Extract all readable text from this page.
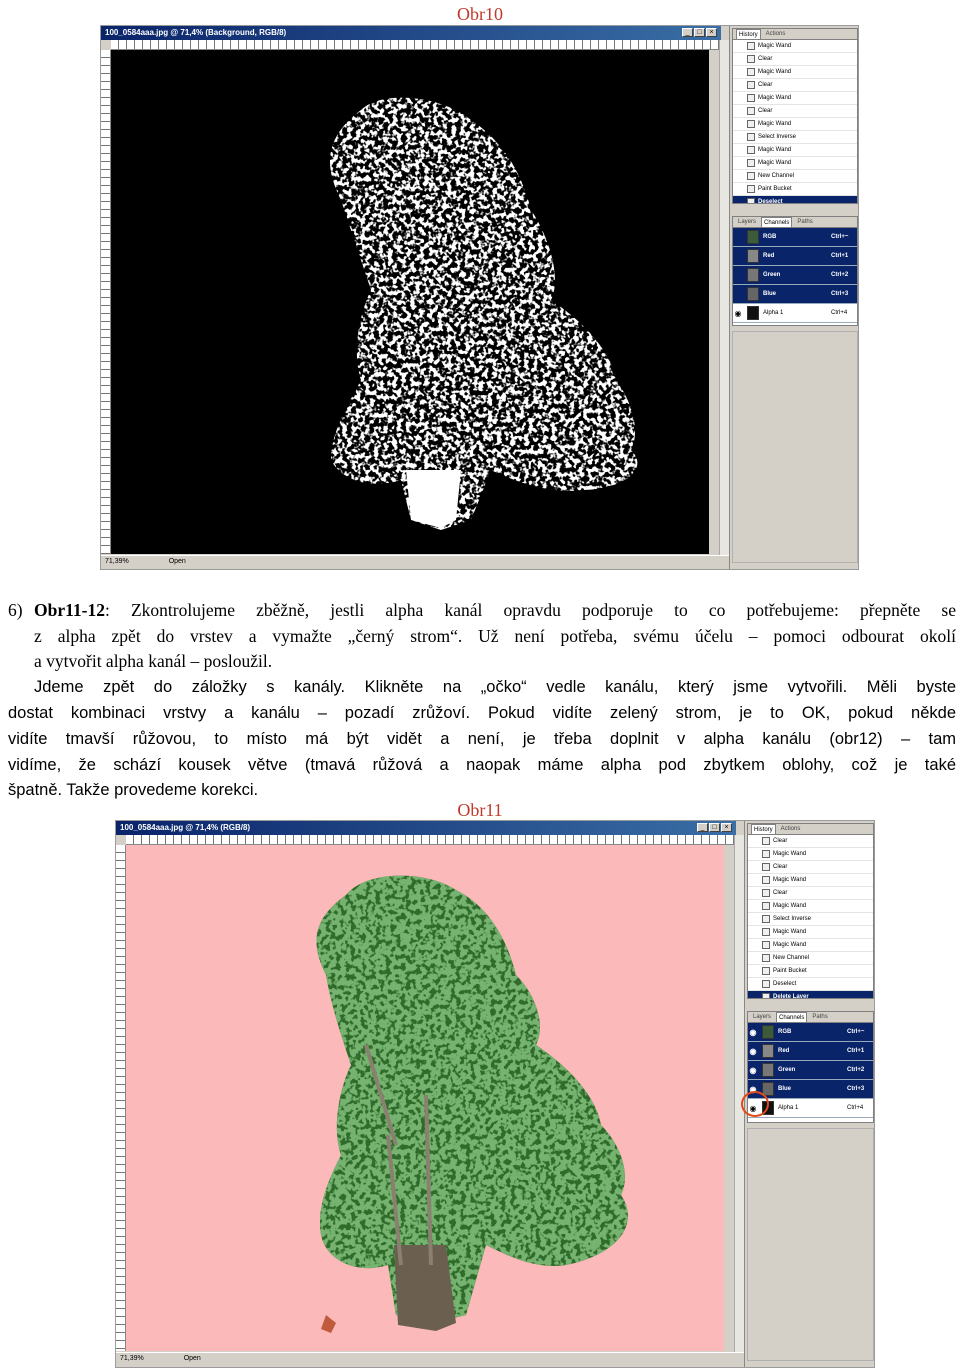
Obr10
100_0584aaa.jpg @ 71,4% (Background, RGB/8)	_	□	×
71,39%	Open
History	Actions
Magic Wand
Clear
Magic Wand
Clear
Magic Wand
Clear
Magic Wand
Select Inverse
Magic Wand
Magic Wand
New Channel
Paint Bucket
Deselect
Layers	Channels	Paths
RGB	Ctrl+~
Red	Ctrl+1
Green	Ctrl+2
Blue	Ctrl+3
◉	Alpha 1	Ctrl+4
6) Obr11-12: Zkontrolujeme zběžně, jestli alpha kanál opravdu podporuje to co potřebujeme: přepněte se
z alpha zpět do vrstev a vymažte „černý strom“. Už není potřeba, svému účelu – pomoci odbourat okolí
a vytvořit alpha kanál – posloužil.
Jdeme zpět do záložky s kanály. Klikněte na „očko“ vedle kanálu, který jsme vytvořili. Měli byste
dostat kombinaci vrstvy a kanálu – pozadí zrůžoví. Pokud vidíte zelený strom, je to OK, pokud někde
vidíte tmavší růžovou, to místo má být vidět a není, je třeba doplnit v alpha kanálu (obr12) – tam
vidíme, že schází kousek větve (tmavá růžová a naopak máme alpha pod zbytkem oblohy, což je také
špatně. Takže provedeme korekci.
Obr11
100_0584aaa.jpg @ 71,4% (RGB/8)	_	□	×
71,39%	Open
History	Actions
Clear
Magic Wand
Clear
Magic Wand
Clear
Magic Wand
Select Inverse
Magic Wand
Magic Wand
New Channel
Paint Bucket
Deselect
Delete Layer
Layers	Channels	Paths
◉	RGB	Ctrl+~
◉	Red	Ctrl+1
◉	Green	Ctrl+2
◉	Blue	Ctrl+3
◉	Alpha 1	Ctrl+4
